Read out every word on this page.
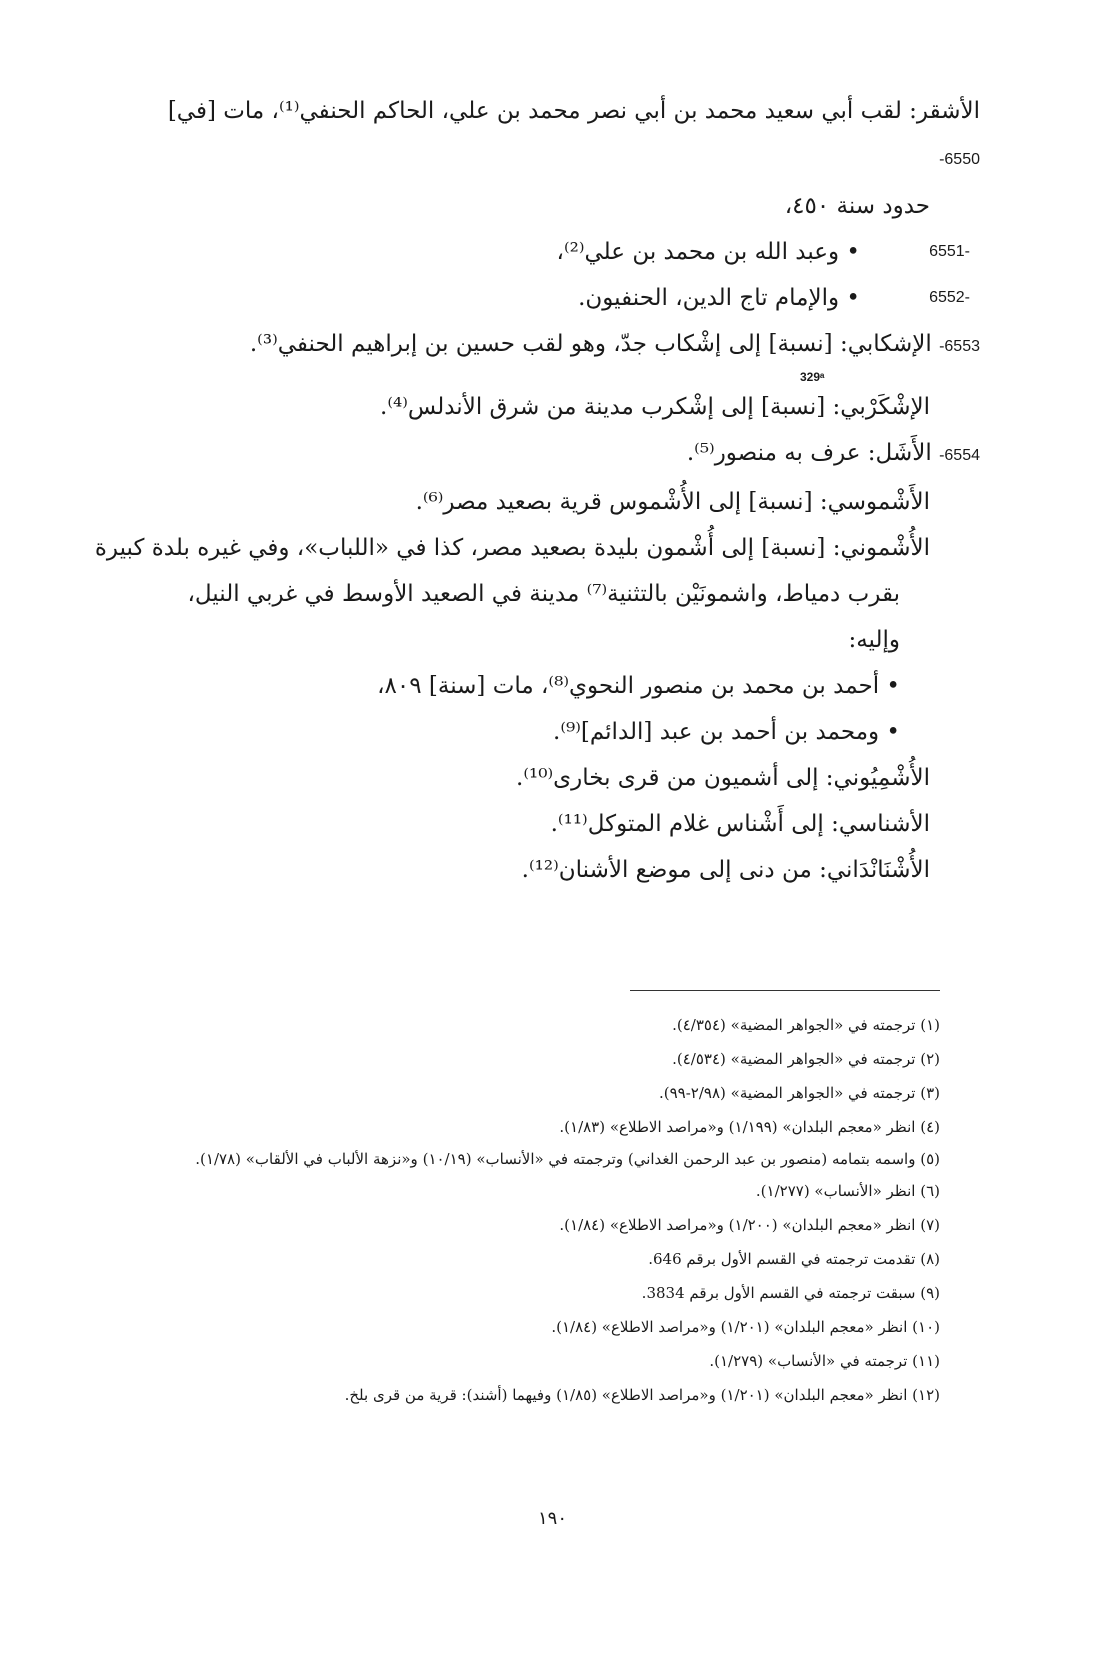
الأشقر: لقب أبي سعيد محمد بن أبي نصر محمد بن علي، الحاكم الحنفي⁽¹⁾، مات [في] 6550-
حدود سنة ٤٥٠،
-6551
• وعبد الله بن محمد بن علي⁽²⁾،
-6552
• والإمام تاج الدين، الحنفيون.
6553- الإشكابي: [نسبة] إلى إشْكاب جدّ، وهو لقب حسين بن إبراهيم الحنفي⁽³⁾.
329ᵃ
الإشْكَرْبي: [نسبة] إلى إشْكرب مدينة من شرق الأندلس⁽⁴⁾.
6554- الأَشَل: عرف به منصور⁽⁵⁾.
الأَشْموسي: [نسبة] إلى الأُشْموس قرية بصعيد مصر⁽⁶⁾.
الأُشْموني: [نسبة] إلى أُشْمون بليدة بصعيد مصر، كذا في «اللباب»، وفي غيره بلدة كبيرة
بقرب دمياط، واشمونَيْن بالتثنية⁽⁷⁾ مدينة في الصعيد الأوسط في غربي النيل، وإليه:
• أحمد بن محمد بن منصور النحوي⁽⁸⁾، مات [سنة] ٨٠٩،
• ومحمد بن أحمد بن عبد [الدائم]⁽⁹⁾.
الأُشْمِيُوني: إلى أشميون من قرى بخارى⁽¹⁰⁾.
الأشناسي: إلى أَشْناس غلام المتوكل⁽¹¹⁾.
الأُشْنَانْدَاني: من دنى إلى موضع الأشنان⁽¹²⁾.
(١) ترجمته في «الجواهر المضية» (٤/٣٥٤).
(٢) ترجمته في «الجواهر المضية» (٤/٥٣٤).
(٣) ترجمته في «الجواهر المضية» (٢/٩٨-٩٩).
(٤) انظر «معجم البلدان» (١/١٩٩) و«مراصد الاطلاع» (١/٨٣).
(٥) واسمه بتمامه (منصور بن عبد الرحمن الغداني) وترجمته في «الأنساب» (١٠/١٩) و«نزهة الألباب في الألقاب» (١/٧٨).
(٦) انظر «الأنساب» (١/٢٧٧).
(٧) انظر «معجم البلدان» (١/٢٠٠) و«مراصد الاطلاع» (١/٨٤).
(٨) تقدمت ترجمته في القسم الأول برقم 646.
(٩) سبقت ترجمته في القسم الأول برقم 3834.
(١٠) انظر «معجم البلدان» (١/٢٠١) و«مراصد الاطلاع» (١/٨٤).
(١١) ترجمته في «الأنساب» (١/٢٧٩).
(١٢) انظر «معجم البلدان» (١/٢٠١) و«مراصد الاطلاع» (١/٨٥) وفيهما (أشند): قرية من قرى بلخ.
١٩٠
